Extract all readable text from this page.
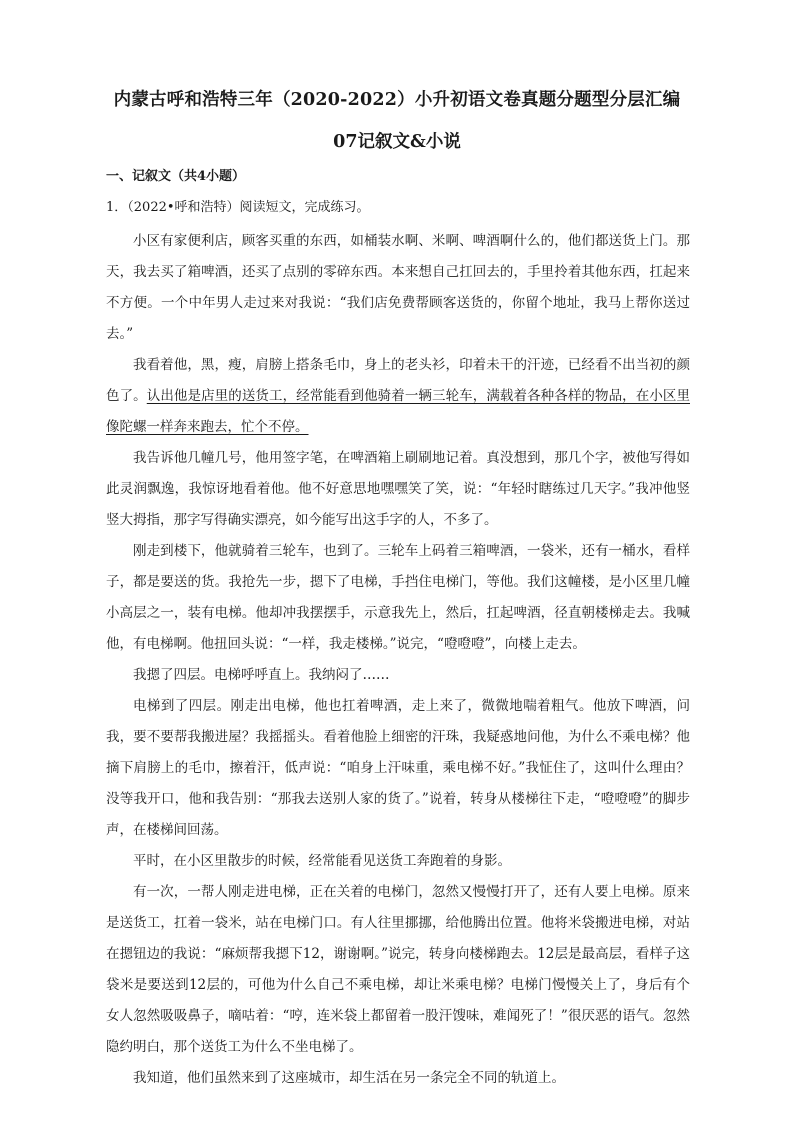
内蒙古呼和浩特三年（2020-2022）小升初语文卷真题分题型分层汇编
07记叙文&小说
一、记叙文（共4小题）
1．（2022•呼和浩特）阅读短文，完成练习。

小区有家便利店，顾客买重的东西，如桶装水啊、米啊、啤酒啊什么的，他们都送货上门。那天，我去买了箱啤酒，还买了点别的零碎东西。本来想自己扛回去的，手里拎着其他东西，扛起来不方便。一个中年男人走过来对我说：“我们店免费帮顾客送货的，你留个地址，我马上帮你送过去。”

我看着他，黑，瘦，肩膀上搭条毛巾，身上的老头衫，印着未干的汗迹，已经看不出当初的颜色了。认出他是店里的送货工，经常能看到他骑着一辆三轮车，满载着各种各样的物品，在小区里像陀螺一样奔来跑去，忙个不停。

我告诉他几幢几号，他用签字笔，在啤酒箱上刷刷地记着。真没想到，那几个字，被他写得如此灵润飘逸，我惊讶地看着他。他不好意思地嘿嘿笑了笑，说：“年轻时瞎练过几天字。”我冲他竖竖大拇指，那字写得确实漂亮，如今能写出这手字的人，不多了。

刚走到楼下，他就骑着三轮车，也到了。三轮车上码着三箱啤酒，一袋米，还有一桶水，看样子，都是要送的货。我抢先一步，摁下了电梯，手挡住电梯门，等他。我们这幢楼，是小区里几幢小高层之一，装有电梯。他却冲我摆摆手，示意我先上，然后，扛起啤酒，径直朝楼梯走去。我喊他，有电梯啊。他扭回头说：“一样，我走楼梯。”说完，“噔噔噔”，向楼上走去。

我摁了四层。电梯呼呼直上。我纳闷了……

电梯到了四层。刚走出电梯，他也扛着啤酒，走上来了，微微地喘着粗气。他放下啤酒，问我，要不要帮我搬进屋？我摇摇头。看着他脸上细密的汗珠，我疑惑地问他，为什么不乘电梯？他摘下肩膀上的毛巾，擦着汗，低声说：“咱身上汗味重，乘电梯不好。”我怔住了，这叫什么理由？没等我开口，他和我告别：“那我去送别人家的货了。”说着，转身从楼梯往下走，“噔噔噔”的脚步声，在楼梯间回荡。

平时，在小区里散步的时候，经常能看见送货工奔跑着的身影。

有一次，一帮人刚走进电梯，正在关着的电梯门，忽然又慢慢打开了，还有人要上电梯。原来是送货工，扛着一袋米，站在电梯门口。有人往里挪挪，给他腾出位置。他将米袋搬进电梯，对站在摁钮边的我说：“麻烦帮我摁下12，谢谢啊。”说完，转身向楼梯跑去。12层是最高层，看样子这袋米是要送到12层的，可他为什么自己不乘电梯，却让米乘电梯？电梯门慢慢关上了，身后有个女人忽然吸吸鼻子，嘀咕着：“哼，连米袋上都留着一股汗馊味，难闻死了！”很厌恶的语气。忽然隐约明白，那个送货工为什么不坐电梯了。

我知道，他们虽然来到了这座城市，却生活在另一条完全不同的轨道上。
